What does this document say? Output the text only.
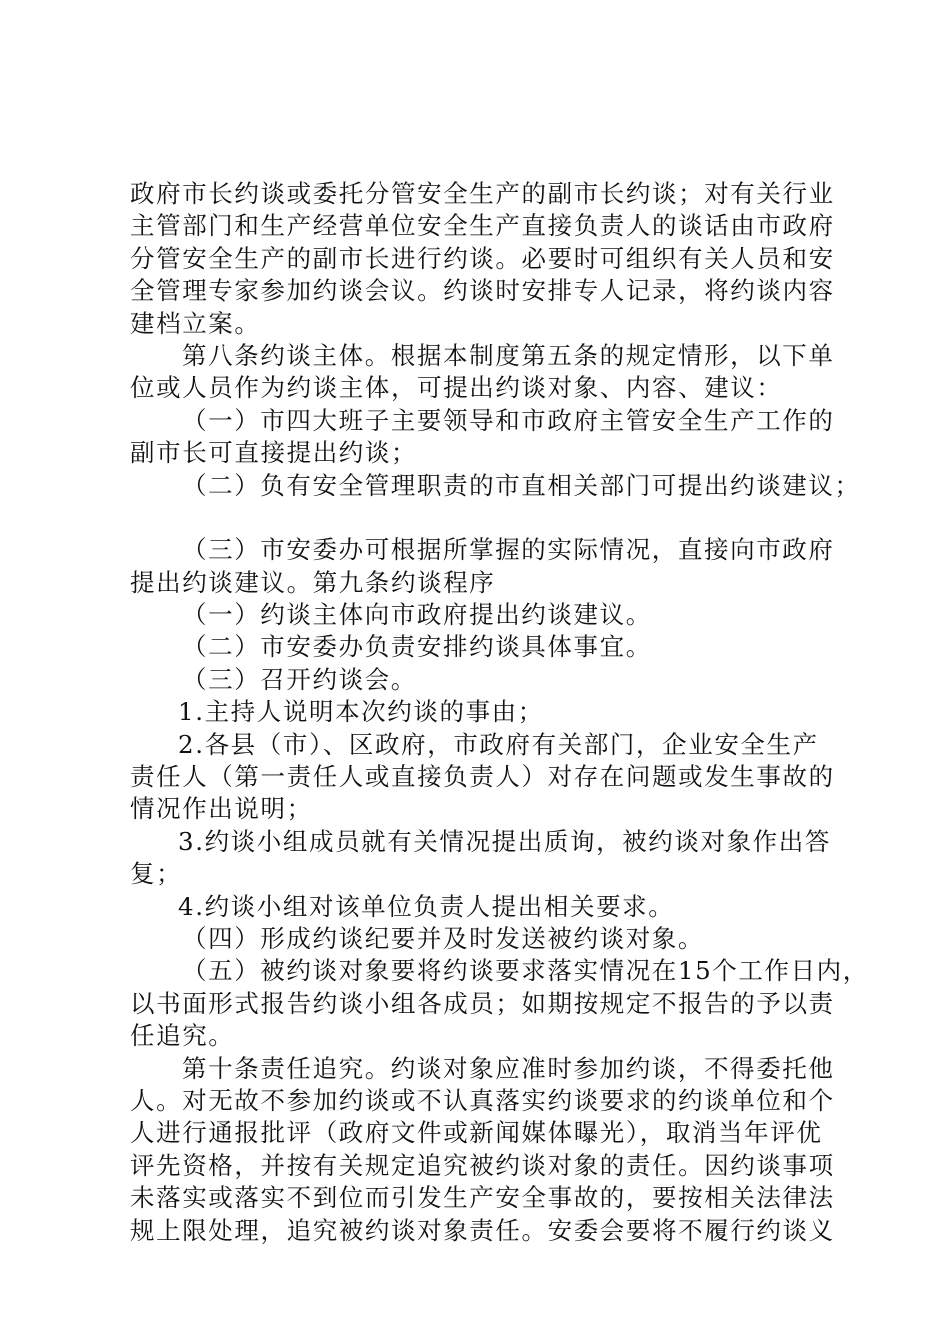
政府市长约谈或委托分管安全生产的副市长约谈；对有关行业
主管部门和生产经营单位安全生产直接负责人的谈话由市政府
分管安全生产的副市长进行约谈。必要时可组织有关人员和安
全管理专家参加约谈会议。约谈时安排专人记录，将约谈内容
建档立案。
第八条约谈主体。根据本制度第五条的规定情形，以下单
位或人员作为约谈主体，可提出约谈对象、内容、建议：
（一）市四大班子主要领导和市政府主管安全生产工作的
副市长可直接提出约谈；
（二）负有安全管理职责的市直相关部门可提出约谈建议；
（三）市安委办可根据所掌握的实际情况，直接向市政府
提出约谈建议。第九条约谈程序
（一）约谈主体向市政府提出约谈建议。
（二）市安委办负责安排约谈具体事宜。
（三）召开约谈会。
1.主持人说明本次约谈的事由；
2.各县（市）、区政府，市政府有关部门，企业安全生产
责任人（第一责任人或直接负责人）对存在问题或发生事故的
情况作出说明；
3.约谈小组成员就有关情况提出质询，被约谈对象作出答
复；
4.约谈小组对该单位负责人提出相关要求。
（四）形成约谈纪要并及时发送被约谈对象。
（五）被约谈对象要将约谈要求落实情况在15个工作日内，
以书面形式报告约谈小组各成员；如期按规定不报告的予以责
任追究。
第十条责任追究。约谈对象应准时参加约谈，不得委托他
人。对无故不参加约谈或不认真落实约谈要求的约谈单位和个
人进行通报批评（政府文件或新闻媒体曝光），取消当年评优
评先资格，并按有关规定追究被约谈对象的责任。因约谈事项
未落实或落实不到位而引发生产安全事故的，要按相关法律法
规上限处理，追究被约谈对象责任。安委会要将不履行约谈义
